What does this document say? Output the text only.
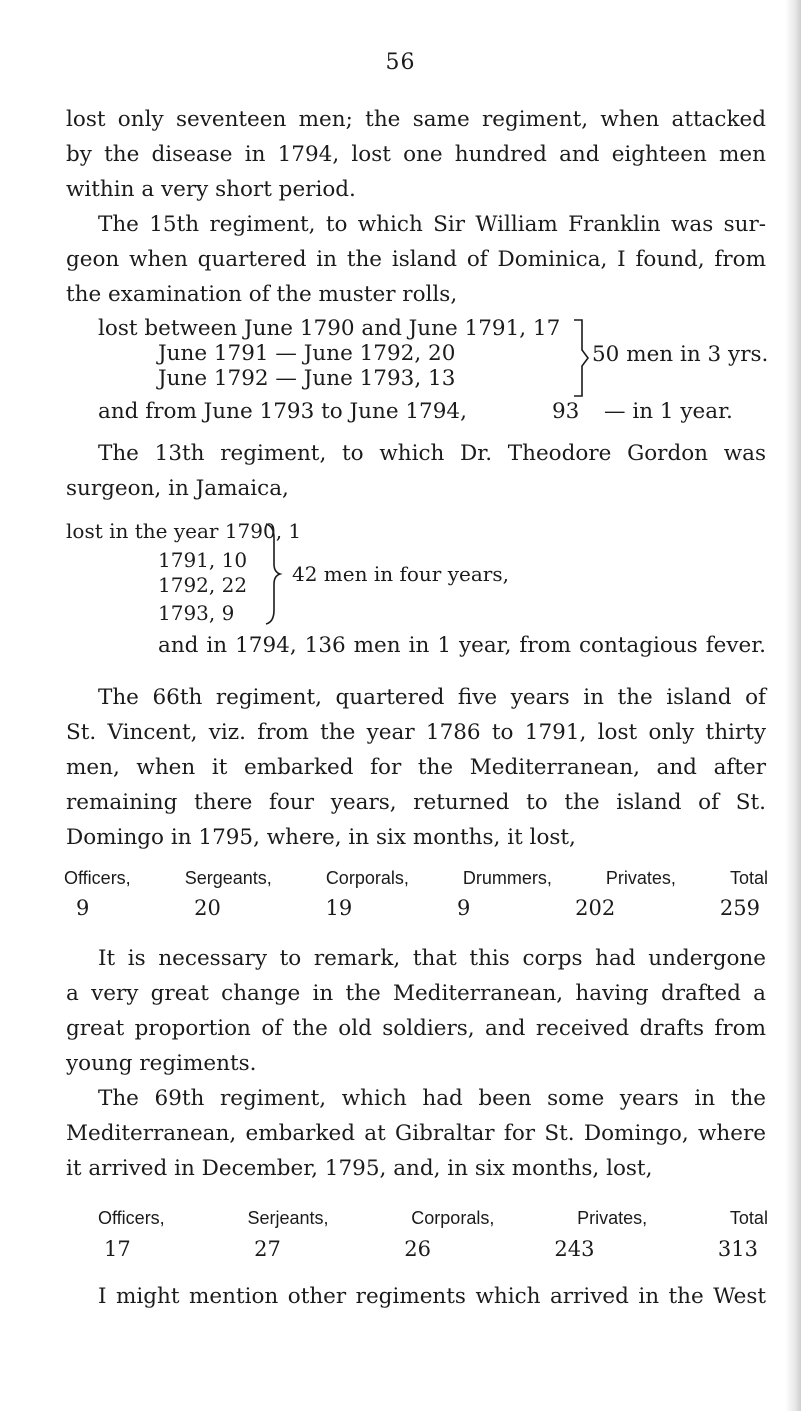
56
lost only seventeen men; the same regiment, when attacked
by the disease in 1794, lost one hundred and eighteen men
within a very short period.
The 15th regiment, to which Sir William Franklin was sur-
geon when quartered in the island of Dominica, I found, from
the examination of the muster rolls,
lost between June 1790 and June 1791, 17
June 1791 — June 1792, 20
June 1792 — June 1793, 13
50 men in 3 yrs.
and from June 1793 to June 1794,	93 — in 1 year.
The 13th regiment, to which Dr. Theodore Gordon was
surgeon, in Jamaica,
lost in the year 1790, 1
1791, 10
1792, 22
1793, 9
42 men in four years,
and in 1794, 136 men in 1 year, from contagious fever.
The 66th regiment, quartered five years in the island of
St. Vincent, viz. from the year 1786 to 1791, lost only thirty
men, when it embarked for the Mediterranean, and after
remaining there four years, returned to the island of St.
Domingo in 1795, where, in six months, it lost,
Officers,	Sergeants,	Corporals,	Drummers,	Privates,	Total
9	20	19	9	202	259
It is necessary to remark, that this corps had undergone
a very great change in the Mediterranean, having drafted a
great proportion of the old soldiers, and received drafts from
young regiments.
The 69th regiment, which had been some years in the
Mediterranean, embarked at Gibraltar for St. Domingo, where
it arrived in December, 1795, and, in six months, lost,
Officers,	Serjeants,	Corporals,	Privates,	Total
17	27	26	243	313
I might mention other regiments which arrived in the West
